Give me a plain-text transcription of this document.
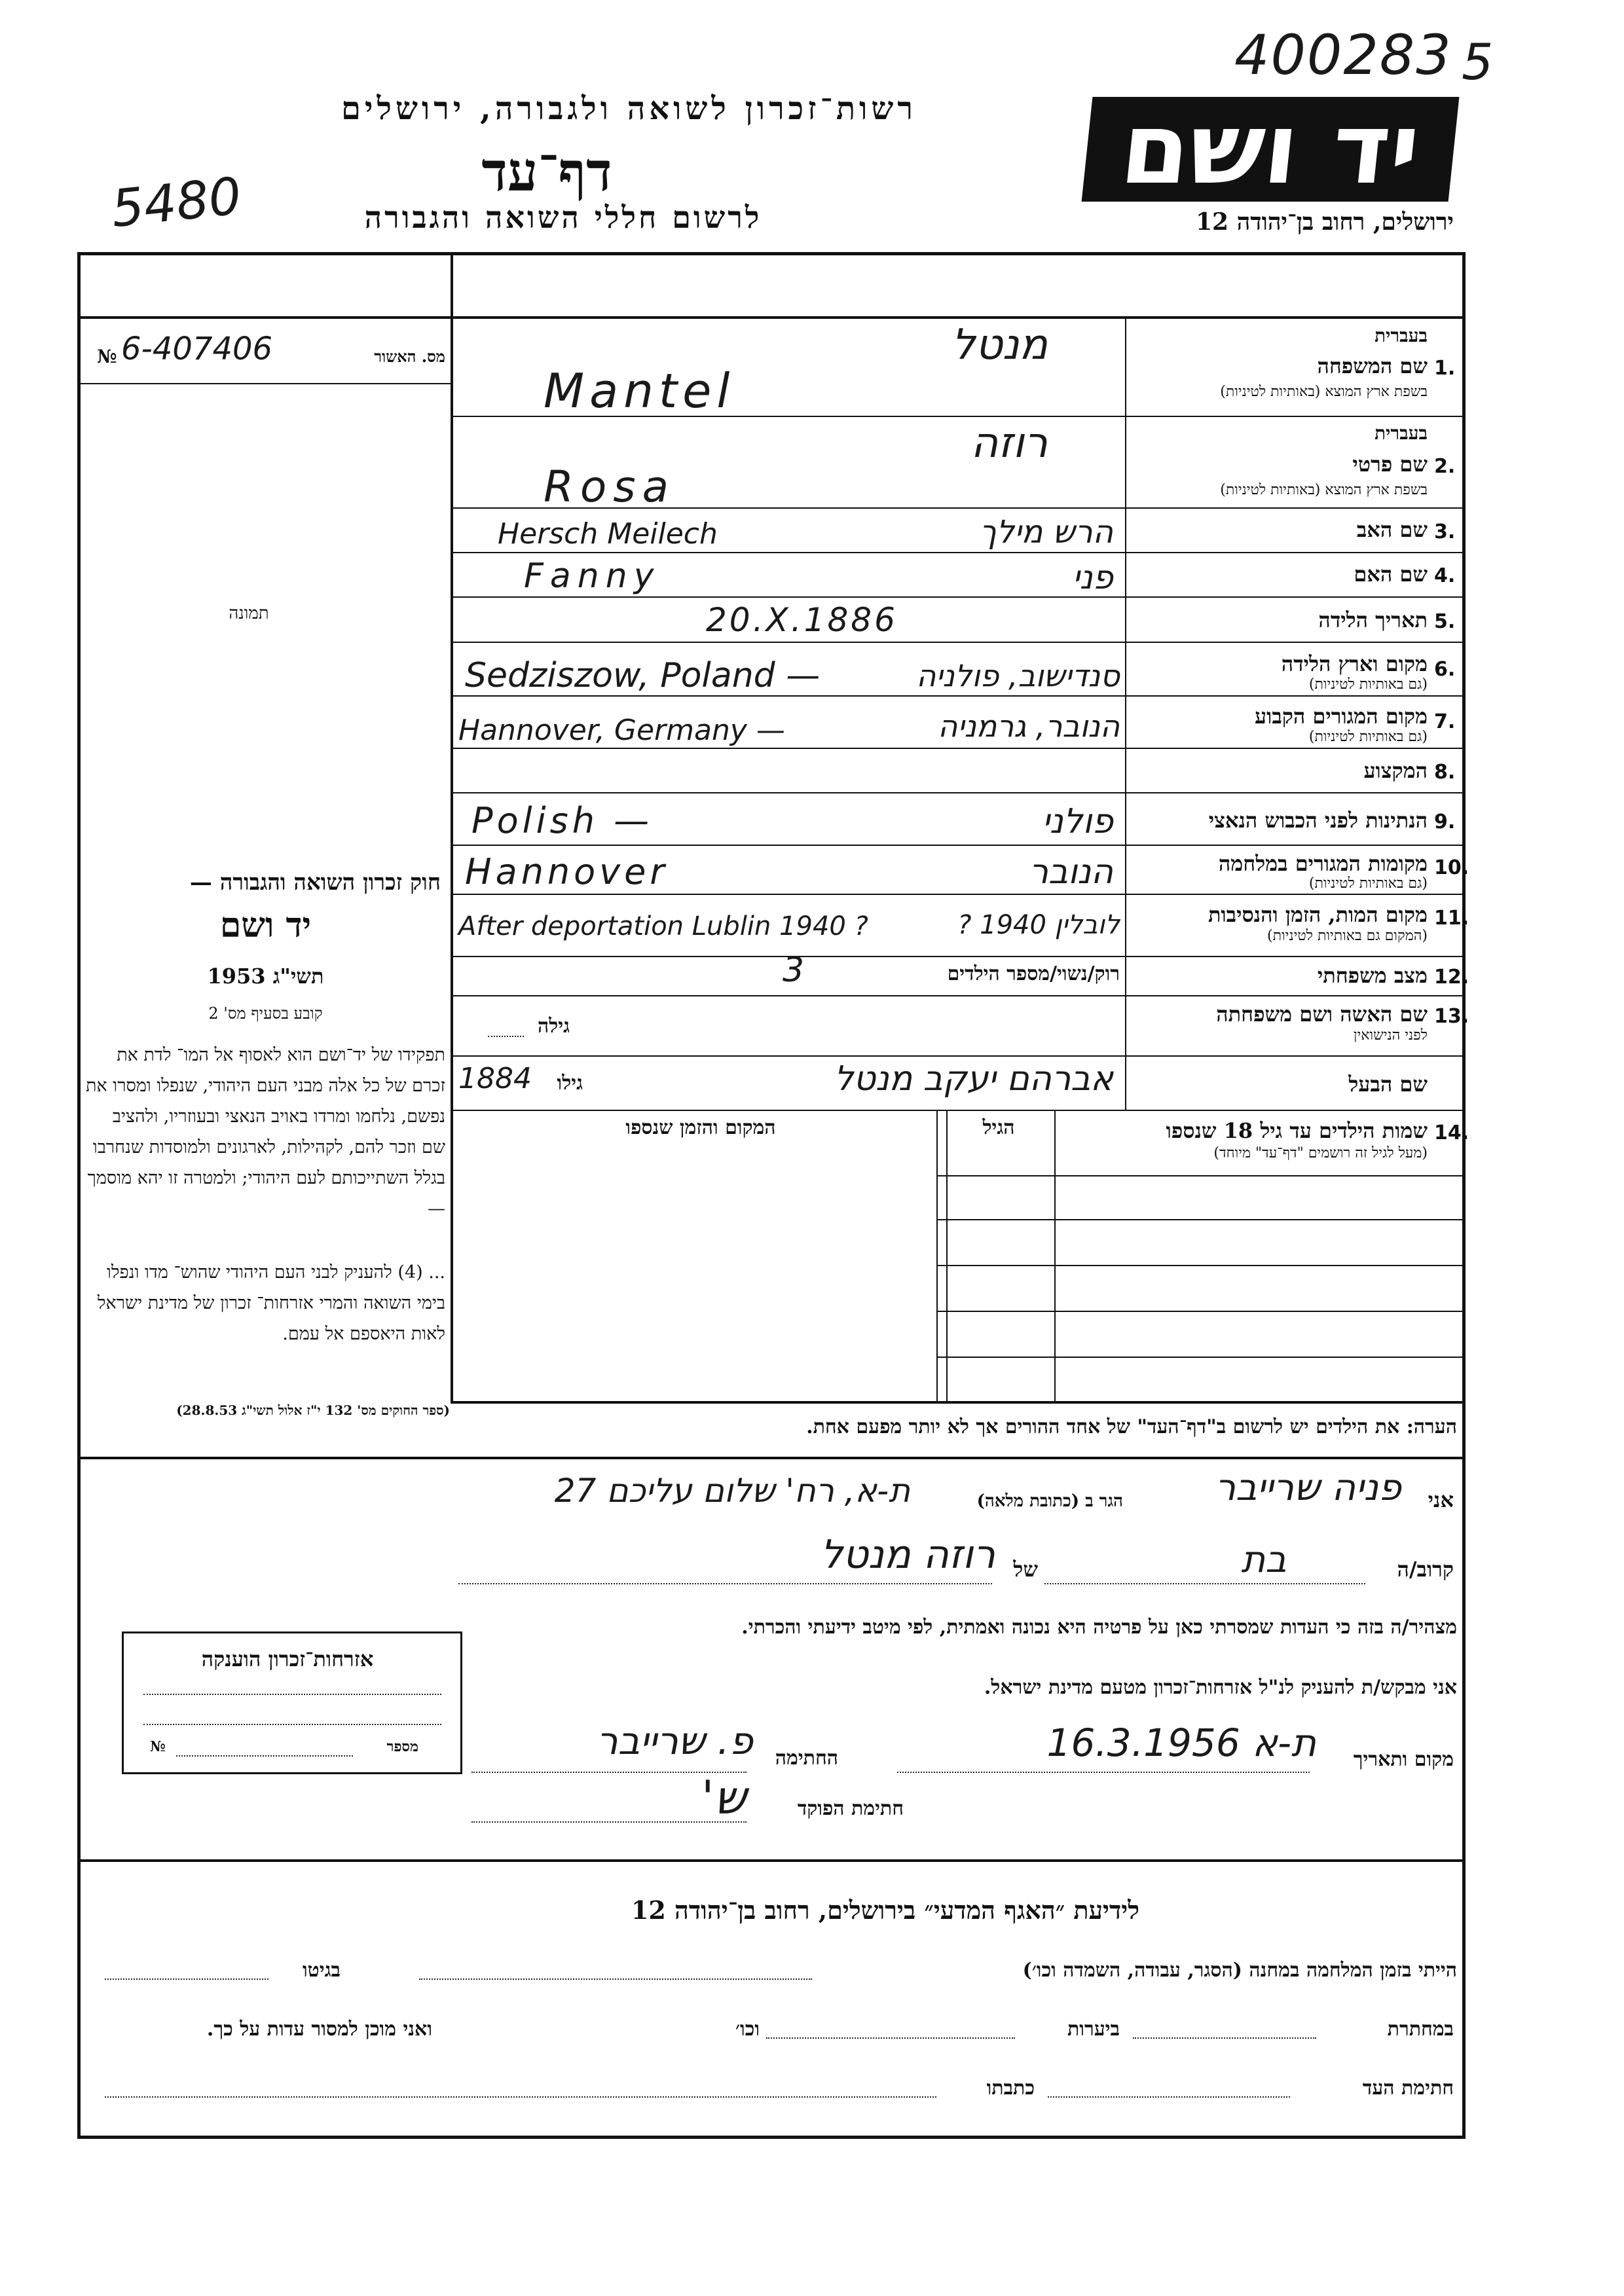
400283 5
רשות־זכרון לשואה ולגבורה, ירושלים	יד ושם
5480	דף־עד
לרשום חללי השואה והגבורה	ירושלים, רחוב בן־יהודה 12
מס. האשור
№ 6-407406
תמונה
חוק זכרון השואה והגבורה —
יד ושם
תשי"ג 1953
קובע בסעיף מס' 2
תפקידו של יד־ושם הוא לאסוף אל המו־ לדת את זכרם של כל אלה מבני העם היהודי, שנפלו ומסרו את נפשם, נלחמו ומרדו באויב הנאצי ובעוזריו, ולהציב שם וזכר להם, לקהילות, לארגונים ולמוסדות שנחרבו בגלל השתייכותם לעם היהודי; ולמטרה זו יהא מוסמך —
... (4) להעניק לבני העם היהודי שהוש־ מדו ונפלו בימי השואה והמרי אזרחות־ זכרון של מדינת ישראל לאות היאספם אל עמם.
(ספר החוקים מס' 132 י"ז אלול תשי"ג 28.8.53)
1.
שם המשפחה
בשפת ארץ המוצא (באותיות לטיניות)
בעברית
מנטל
Mantel
2.
שם פרטי
בשפת ארץ המוצא (באותיות לטיניות)
בעברית
רוזה
Rosa
3.
שם האב
Hersch Meilech	הרש מילך
4.
שם האם
Fanny	פני
5.
תאריך הלידה
20.X.1886
6.
מקום וארץ הלידה
(גם באותיות לטיניות)
Sedziszow, Poland —	סנדישוב, פולניה
7.
מקום המגורים הקבוע
(גם באותיות לטיניות)
Hannover, Germany —	הנובר, גרמניה
8.
המקצוע
9.
הנתינות לפני הכבוש הנאצי
Polish —	פולני
10.
מקומות המגורים במלחמה
(גם באותיות לטיניות)
Hannover	הנובר
11.
מקום המות, הזמן והנסיבות
(המקום גם באותיות לטיניות)
After deportation Lublin 1940 ?	לובלין 1940 ?
12.
מצב משפחתי
רוק/נשוי/מספר הילדים
3
13.
שם האשה ושם משפחתה
לפני הנישואין
גילה
שם הבעל
אברהם יעקב מנטל
גילו
1884
14.
שמות הילדים עד גיל 18 שנספו
(מעל לגיל זה רושמים "דף־עד" מיוחד)
הגיל
המקום והזמן שנספו
הערה: את הילדים יש לרשום ב"דף־העד" של אחד ההורים אך לא יותר מפעם אחת.
אני
פניה שרייבר
הגר ב (כתובת מלאה)
ת-א, רח' שלום עליכם 27
קרוב/ה
בת
של
רוזה מנטל
מצהיר/ה בזה כי העדות שמסרתי כאן על פרטיה היא נכונה ואמתית, לפי מיטב ידיעתי והכרתי.
אני מבקש/ת להעניק לנ"ל אזרחות־זכרון מטעם מדינת ישראל.
אזרחות־זכרון הוענקה
מספר
№
מקום ותאריך
ת-א 16.3.1956
החתימה
פ. שרייבר
חתימת הפוקד
ש'
לידיעת ״האגף המדעי״ בירושלים, רחוב בן־יהודה 12
הייתי בזמן המלחמה במחנה (הסגר, עבודה, השמדה וכו׳)
בגיטו
במחתרת
ביערות
וכו׳
ואני מוכן למסור עדות על כך.
חתימת העד
כתבתו
